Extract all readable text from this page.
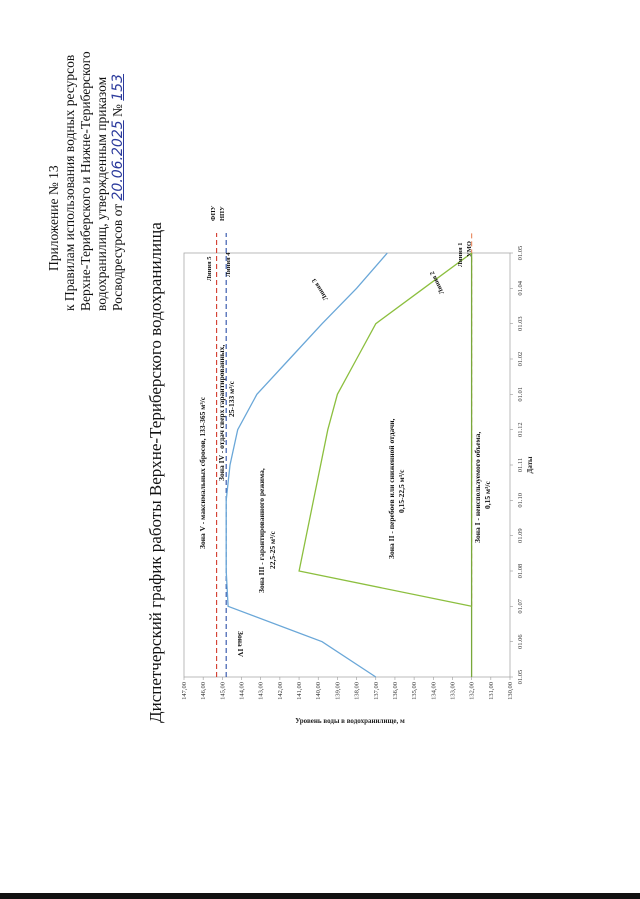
Приложение № 13 к Правилам использования водных ресурсов Верхне-Териберского и Нижне-Териберского водохранилищ, утвержденным приказом Росводресурсов от 20.06.2025 № 153
Диспетчерский график работы Верхне-Териберского водохранилища	130,00
131,00
132,00
133,00
134,00
135,00
136,00
137,00
138,00
139,00
140,00
141,00
142,00
143,00
144,00
145,00
146,00
147,00
01.05
01.06
01.07
01.08
01.09
01.10
01.11
01.12
01.01
01.02
01.03
01.04
01.05
Уровень воды в водохранилище, м
Даты
Зона V - максимальных сбросов, 133-365 м³/с Зона IV - отдач сверх гарантированных, 25-133 м³/с
Зона III - гарантированного режима, 22,5-25 м³/с	Зона II - перебоев или сниженной отдачи, 0,15-22,5 м³/с	Зона I - неиспользуемого объема, 0,15 м³/с
Зона IV
ФПУ НПУ
УМО
Линия 5 Линия 4
Линия 3	Линия 2
Линия 1
